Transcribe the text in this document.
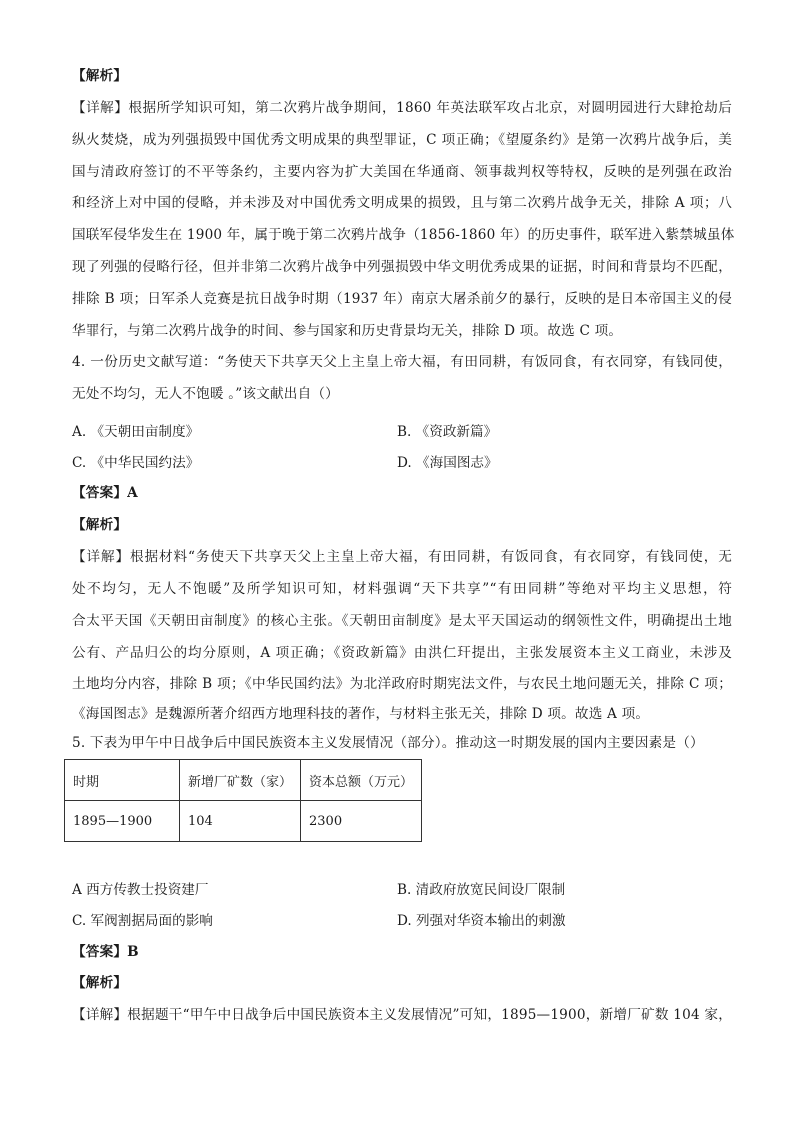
【解析】
【详解】根据所学知识可知，第二次鸦片战争期间，1860 年英法联军攻占北京，对圆明园进行大肆抢劫后
纵火焚烧，成为列强损毁中国优秀文明成果的典型罪证，C 项正确；《望厦条约》是第一次鸦片战争后，美
国与清政府签订的不平等条约，主要内容为扩大美国在华通商、领事裁判权等特权，反映的是列强在政治
和经济上对中国的侵略，并未涉及对中国优秀文明成果的损毁，且与第二次鸦片战争无关，排除 A 项；八
国联军侵华发生在 1900 年，属于晚于第二次鸦片战争（1856-1860 年）的历史事件，联军进入紫禁城虽体
现了列强的侵略行径，但并非第二次鸦片战争中列强损毁中华文明优秀成果的证据，时间和背景均不匹配，
排除 B 项；日军杀人竞赛是抗日战争时期（1937 年）南京大屠杀前夕的暴行，反映的是日本帝国主义的侵
华罪行，与第二次鸦片战争的时间、参与国家和历史背景均无关，排除 D 项。故选 C 项。
4. 一份历史文献写道：“务使天下共享天父上主皇上帝大福，有田同耕，有饭同食，有衣同穿，有钱同使，
无处不均匀，无人不饱暖 。”该文献出自（）
A. 《天朝田亩制度》	B. 《资政新篇》
C. 《中华民国约法》	D. 《海国图志》
【答案】A
【解析】
【详解】根据材料“务使天下共享天父上主皇上帝大福，有田同耕，有饭同食，有衣同穿，有钱同使，无
处不均匀，无人不饱暖”及所学知识可知，材料强调“天下共享”“有田同耕”等绝对平均主义思想，符
合太平天国《天朝田亩制度》的核心主张。《天朝田亩制度》是太平天国运动的纲领性文件，明确提出土地
公有、产品归公的均分原则，A 项正确；《资政新篇》由洪仁玕提出，主张发展资本主义工商业，未涉及
土地均分内容，排除 B 项；《中华民国约法》为北洋政府时期宪法文件，与农民土地问题无关，排除 C 项；
《海国图志》是魏源所著介绍西方地理科技的著作，与材料主张无关，排除 D 项。故选 A 项。
5. 下表为甲午中日战争后中国民族资本主义发展情况（部分）。推动这一时期发展的国内主要因素是（）
时期	新增厂矿数（家）	资本总额（万元）
1895—1900	104	2300
A 西方传教士投资建厂	B. 清政府放宽民间设厂限制
C. 军阀割据局面的影响	D. 列强对华资本输出的刺激
【答案】B
【解析】
【详解】根据题干“甲午中日战争后中国民族资本主义发展情况”可知，1895—1900，新增厂矿数 104 家，
